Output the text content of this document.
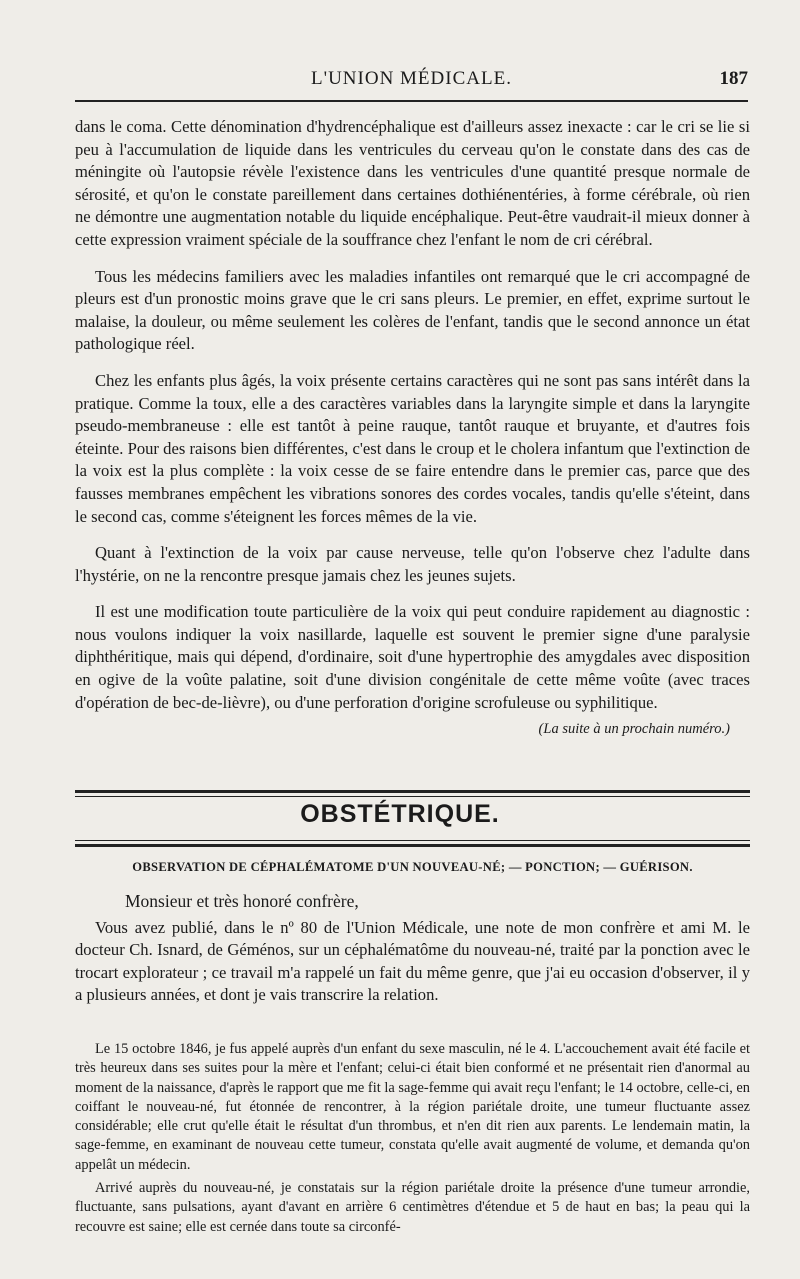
L'UNION MÉDICALE.	187

dans le coma. Cette dénomination d'hydrencéphalique est d'ailleurs assez inexacte : car le cri se lie si peu à l'accumulation de liquide dans les ventricules du cerveau qu'on le constate dans des cas de méningite où l'autopsie révèle l'existence dans les ventricules d'une quantité presque normale de sérosité, et qu'on le constate pareillement dans certaines dothiénentéries, à forme cérébrale, où rien ne démontre une augmentation notable du liquide encéphalique. Peut-être vaudrait-il mieux donner à cette expression vraiment spéciale de la souffrance chez l'enfant le nom de cri cérébral.

Tous les médecins familiers avec les maladies infantiles ont remarqué que le cri accompagné de pleurs est d'un pronostic moins grave que le cri sans pleurs. Le premier, en effet, exprime surtout le malaise, la douleur, ou même seulement les colères de l'enfant, tandis que le second annonce un état pathologique réel.

Chez les enfants plus âgés, la voix présente certains caractères qui ne sont pas sans intérêt dans la pratique. Comme la toux, elle a des caractères variables dans la laryngite simple et dans la laryngite pseudo-membraneuse : elle est tantôt à peine rauque, tantôt rauque et bruyante, et d'autres fois éteinte. Pour des raisons bien différentes, c'est dans le croup et le cholera infantum que l'extinction de la voix est la plus complète : la voix cesse de se faire entendre dans le premier cas, parce que des fausses membranes empêchent les vibrations sonores des cordes vocales, tandis qu'elle s'éteint, dans le second cas, comme s'éteignent les forces mêmes de la vie.

Quant à l'extinction de la voix par cause nerveuse, telle qu'on l'observe chez l'adulte dans l'hystérie, on ne la rencontre presque jamais chez les jeunes sujets.

Il est une modification toute particulière de la voix qui peut conduire rapidement au diagnostic : nous voulons indiquer la voix nasillarde, laquelle est souvent le premier signe d'une paralysie diphthéritique, mais qui dépend, d'ordinaire, soit d'une hypertrophie des amygdales avec disposition en ogive de la voûte palatine, soit d'une division congénitale de cette même voûte (avec traces d'opération de bec-de-lièvre), ou d'une perforation d'origine scrofuleuse ou syphilitique.

(La suite à un prochain numéro.)
OBSTÉTRIQUE.
OBSERVATION DE CÉPHALÉMATOME D'UN NOUVEAU-NÉ; — PONCTION; — GUÉRISON.

Monsieur et très honoré confrère,

Vous avez publié, dans le nº 80 de l'Union Médicale, une note de mon confrère et ami M. le docteur Ch. Isnard, de Géménos, sur un céphalématôme du nouveau-né, traité par la ponction avec le trocart explorateur ; ce travail m'a rappelé un fait du même genre, que j'ai eu occasion d'observer, il y a plusieurs années, et dont je vais transcrire la relation.

Le 15 octobre 1846, je fus appelé auprès d'un enfant du sexe masculin, né le 4. L'accouchement avait été facile et très heureux dans ses suites pour la mère et l'enfant; celui-ci était bien conformé et ne présentait rien d'anormal au moment de la naissance, d'après le rapport que me fit la sage-femme qui avait reçu l'enfant; le 14 octobre, celle-ci, en coiffant le nouveau-né, fut étonnée de rencontrer, à la région pariétale droite, une tumeur fluctuante assez considérable; elle crut qu'elle était le résultat d'un thrombus, et n'en dit rien aux parents. Le lendemain matin, la sage-femme, en examinant de nouveau cette tumeur, constata qu'elle avait augmenté de volume, et demanda qu'on appelât un médecin.

Arrivé auprès du nouveau-né, je constatais sur la région pariétale droite la présence d'une tumeur arrondie, fluctuante, sans pulsations, ayant d'avant en arrière 6 centimètres d'étendue et 5 de haut en bas; la peau qui la recouvre est saine; elle est cernée dans toute sa circonfé-
